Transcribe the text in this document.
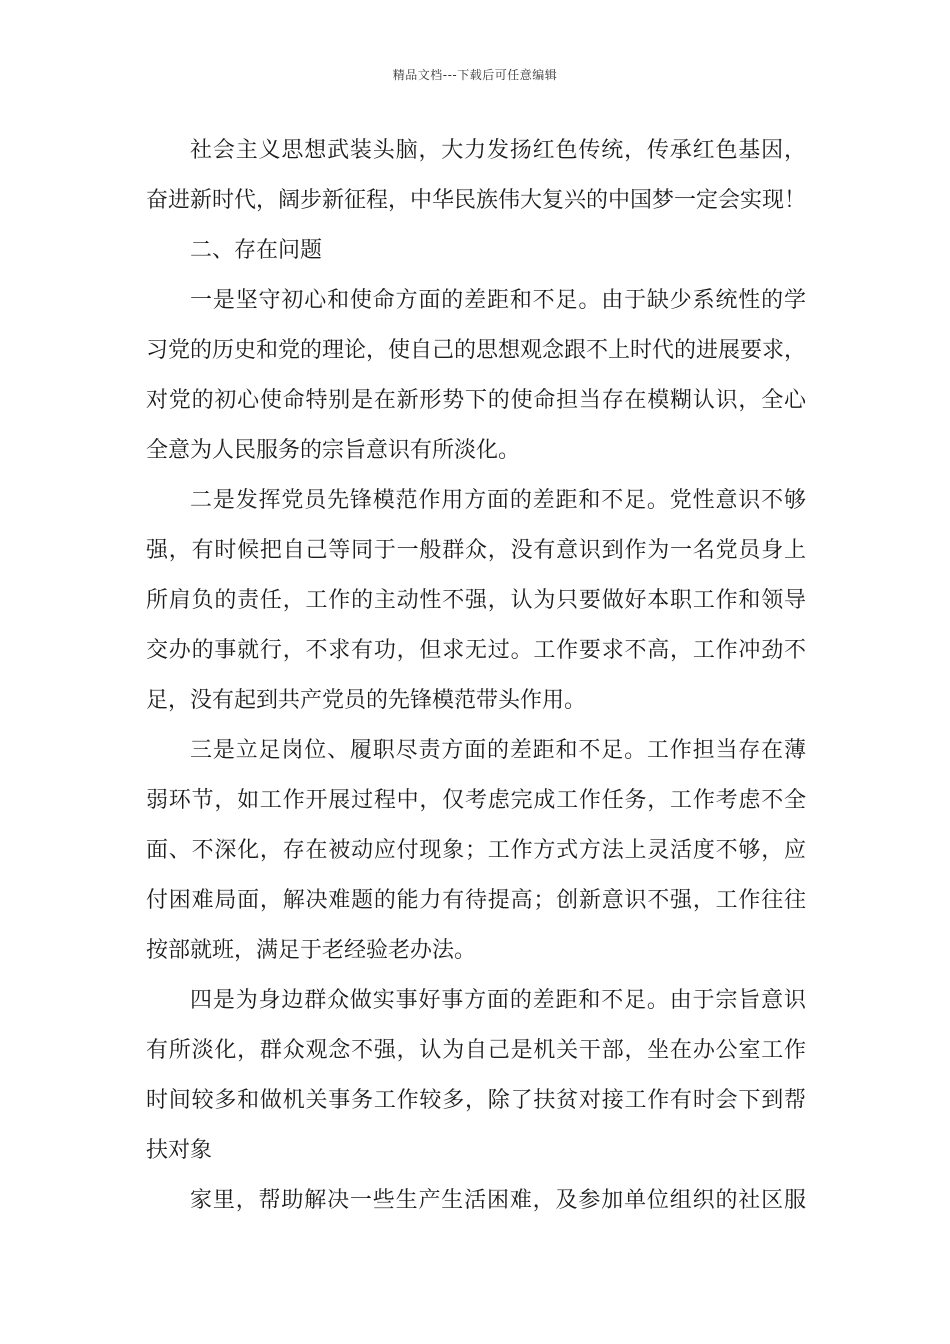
精品文档---下载后可任意编辑
社会主义思想武装头脑，大力发扬红色传统，传承红色基因，
奋进新时代，阔步新征程，中华民族伟大复兴的中国梦一定会实现！
二、存在问题
一是坚守初心和使命方面的差距和不足。由于缺少系统性的学
习党的历史和党的理论，使自己的思想观念跟不上时代的进展要求，
对党的初心使命特别是在新形势下的使命担当存在模糊认识，全心
全意为人民服务的宗旨意识有所淡化。
二是发挥党员先锋模范作用方面的差距和不足。党性意识不够
强，有时候把自己等同于一般群众，没有意识到作为一名党员身上
所肩负的责任，工作的主动性不强，认为只要做好本职工作和领导
交办的事就行，不求有功，但求无过。工作要求不高，工作冲劲不
足，没有起到共产党员的先锋模范带头作用。
三是立足岗位、履职尽责方面的差距和不足。工作担当存在薄
弱环节，如工作开展过程中，仅考虑完成工作任务，工作考虑不全
面、不深化，存在被动应付现象；工作方式方法上灵活度不够，应
付困难局面，解决难题的能力有待提高；创新意识不强，工作往往
按部就班，满足于老经验老办法。
四是为身边群众做实事好事方面的差距和不足。由于宗旨意识
有所淡化，群众观念不强，认为自己是机关干部，坐在办公室工作
时间较多和做机关事务工作较多，除了扶贫对接工作有时会下到帮
扶对象
家里，帮助解决一些生产生活困难，及参加单位组织的社区服
